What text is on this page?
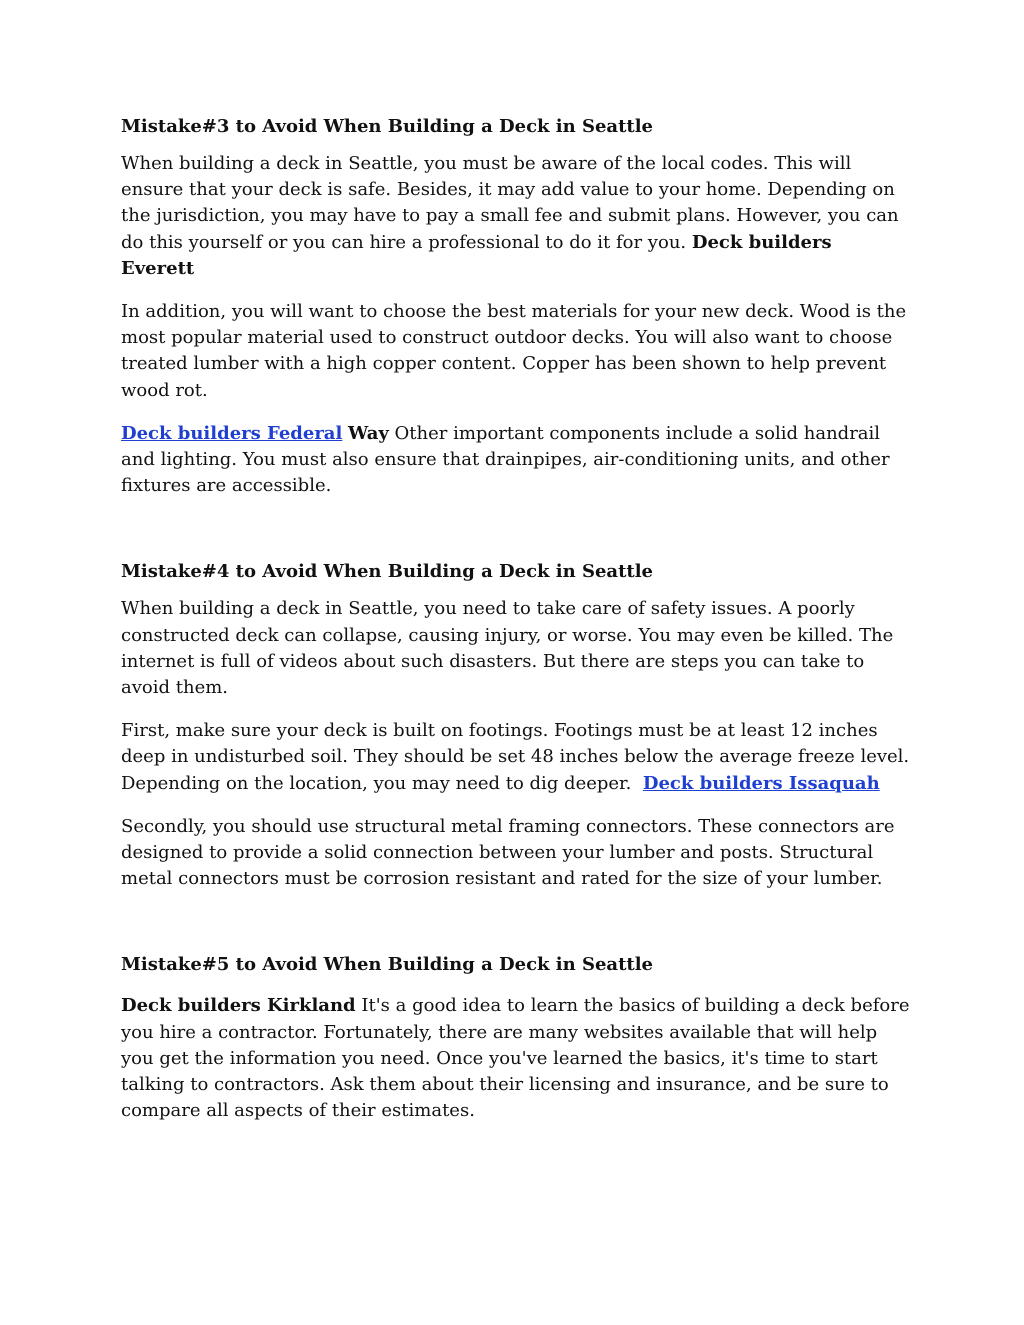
Mistake#3 to Avoid When Building a Deck in Seattle
When building a deck in Seattle, you must be aware of the local codes. This will ensure that your deck is safe. Besides, it may add value to your home. Depending on the jurisdiction, you may have to pay a small fee and submit plans. However, you can do this yourself or you can hire a professional to do it for you. Deck builders Everett
In addition, you will want to choose the best materials for your new deck. Wood is the most popular material used to construct outdoor decks. You will also want to choose treated lumber with a high copper content. Copper has been shown to help prevent wood rot.
Deck builders Federal Way Other important components include a solid handrail and lighting. You must also ensure that drainpipes, air-conditioning units, and other fixtures are accessible.
Mistake#4 to Avoid When Building a Deck in Seattle
When building a deck in Seattle, you need to take care of safety issues. A poorly constructed deck can collapse, causing injury, or worse. You may even be killed. The internet is full of videos about such disasters. But there are steps you can take to avoid them.
First, make sure your deck is built on footings. Footings must be at least 12 inches deep in undisturbed soil. They should be set 48 inches below the average freeze level. Depending on the location, you may need to dig deeper.  Deck builders Issaquah
Secondly, you should use structural metal framing connectors. These connectors are designed to provide a solid connection between your lumber and posts. Structural metal connectors must be corrosion resistant and rated for the size of your lumber.
Mistake#5 to Avoid When Building a Deck in Seattle
Deck builders Kirkland It's a good idea to learn the basics of building a deck before you hire a contractor. Fortunately, there are many websites available that will help you get the information you need. Once you've learned the basics, it's time to start talking to contractors. Ask them about their licensing and insurance, and be sure to compare all aspects of their estimates.
